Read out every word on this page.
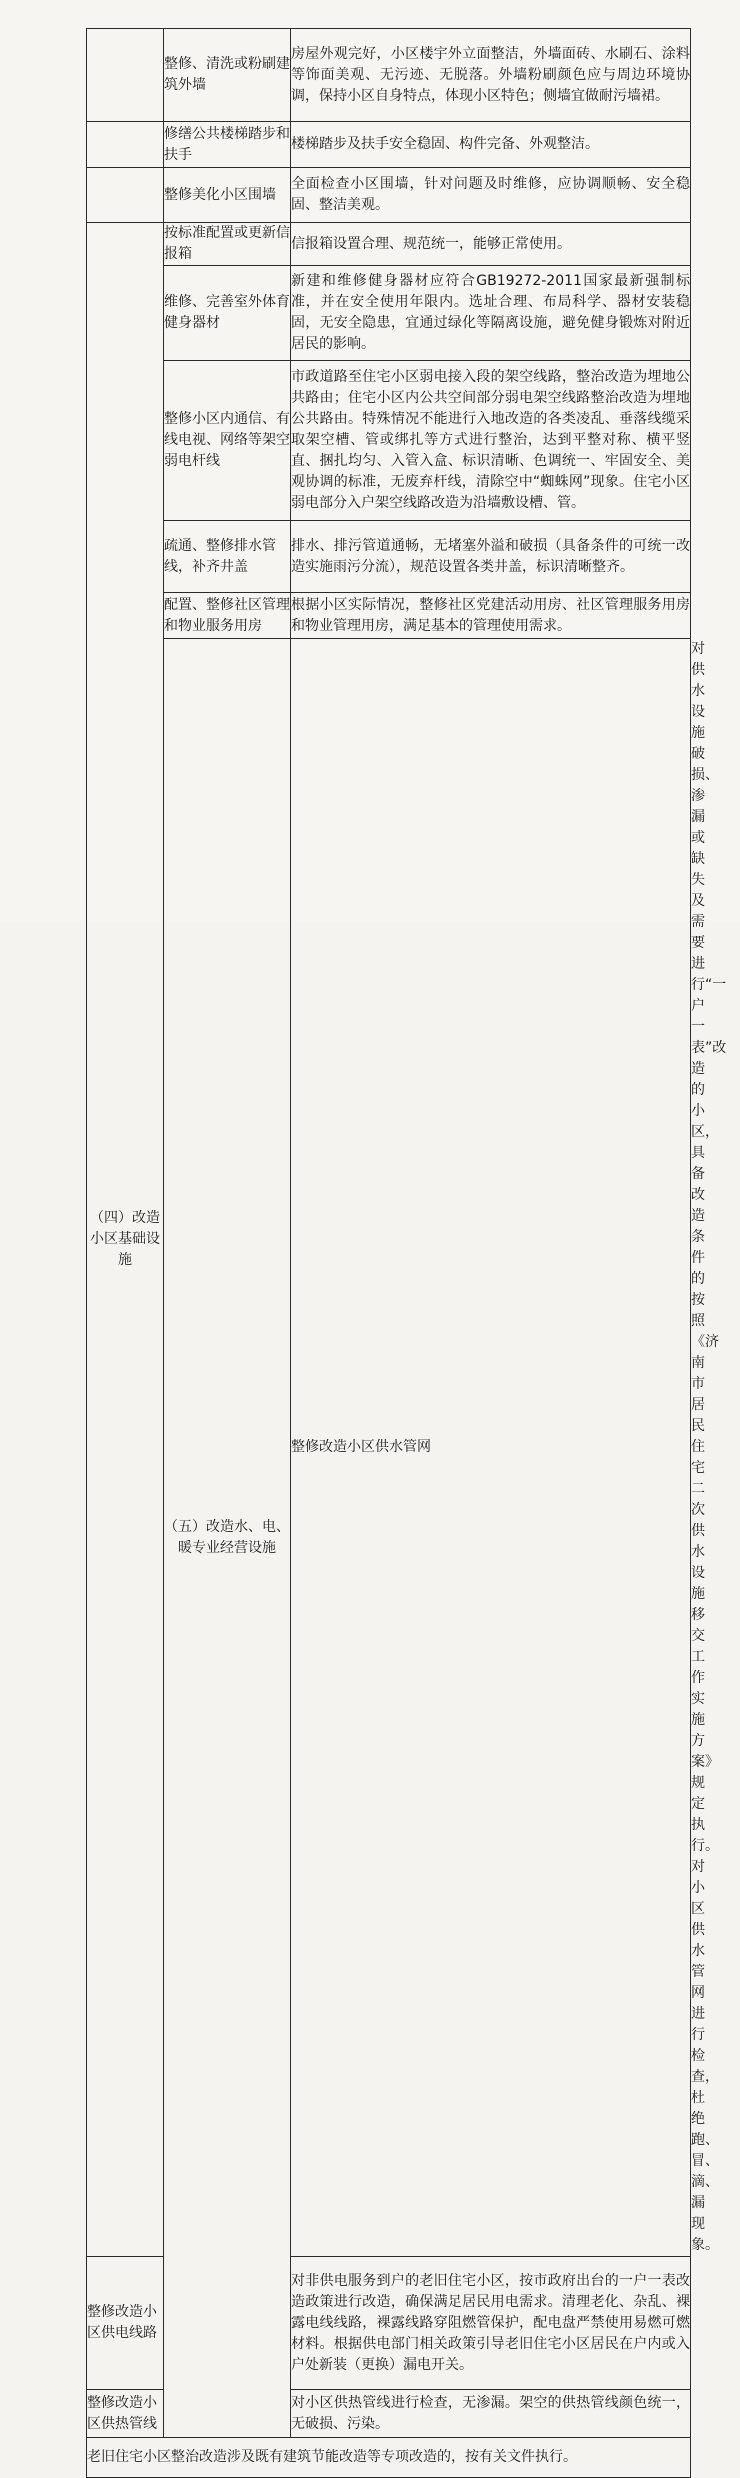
	整修、清洗或粉刷建筑外墙	房屋外观完好，小区楼宇外立面整洁，外墙面砖、水刷石、涂料等饰面美观、无污迹、无脱落。外墙粉刷颜色应与周边环境协调，保持小区自身特点，体现小区特色；侧墙宜做耐污墙裙。	
	修缮公共楼梯踏步和扶手	楼梯踏步及扶手安全稳固、构件完备、外观整洁。	
	整修美化小区围墙	全面检查小区围墙，针对问题及时维修，应协调顺畅、安全稳固、整洁美观。	
（四）改造小区基础设施	按标准配置或更新信报箱	信报箱设置合理、规范统一，能够正常使用。	
	维修、完善室外体育健身器材	新建和维修健身器材应符合GB19272-2011国家最新强制标准，并在安全使用年限内。选址合理、布局科学、器材安装稳固，无安全隐患，宜通过绿化等隔离设施，避免健身锻炼对附近居民的影响。	
	整修小区内通信、有线电视、网络等架空弱电杆线	市政道路至住宅小区弱电接入段的架空线路，整治改造为埋地公共路由；住宅小区内公共空间部分弱电架空线路整治改造为埋地公共路由。特殊情况不能进行入地改造的各类凌乱、垂落线缆采取架空槽、管或绑扎等方式进行整治，达到平整对称、横平竖直、捆扎均匀、入管入盒、标识清晰、色调统一、牢固安全、美观协调的标准，无废弃杆线，清除空中“蜘蛛网”现象。住宅小区弱电部分入户架空线路改造为沿墙敷设槽、管。	
	疏通、整修排水管线，补齐井盖	排水、排污管道通畅，无堵塞外溢和破损（具备条件的可统一改造实施雨污分流），规范设置各类井盖，标识清晰整齐。	
	配置、整修社区管理和物业服务用房	根据小区实际情况，整修社区党建活动用房、社区管理服务用房和物业管理用房，满足基本的管理使用需求。	
	（五）改造水、电、暖专业经营设施	整修改造小区供水管网	对供水设施破损、渗漏或缺失及需要进行“一户一表”改造的小区，具备改造条件的按照《济南市居民住宅二次供水设施移交工作实施方案》规定执行。对小区供水管网进行检查，杜绝跑、冒、滴、漏现象。
整修改造小区供电线路		对非供电服务到户的老旧住宅小区，按市政府出台的一户一表改造政策进行改造，确保满足居民用电需求。清理老化、杂乱、裸露电线线路，裸露线路穿阻燃管保护，配电盘严禁使用易燃可燃材料。根据供电部门相关政策引导老旧住宅小区居民在户内或入户处新装（更换）漏电开关。	
整修改造小区供热管线		对小区供热管线进行检查，无渗漏。架空的供热管线颜色统一，无破损、污染。	
老旧住宅小区整治改造涉及既有建筑节能改造等专项改造的，按有关文件执行。			
